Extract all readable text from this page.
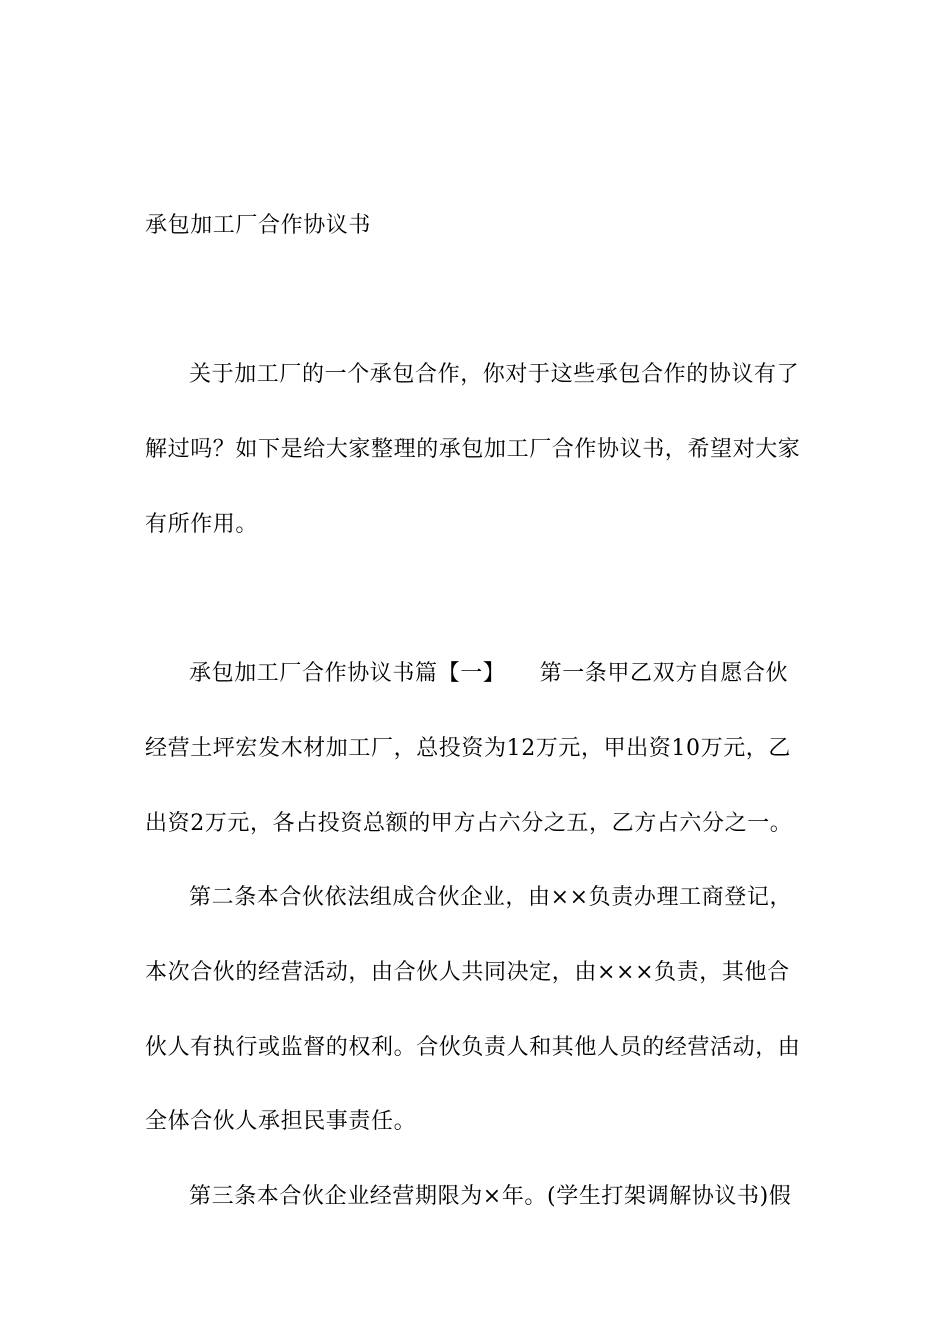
承包加工厂合作协议书
关于加工厂的一个承包合作，你对于这些承包合作的协议有了
解过吗？如下是给大家整理的承包加工厂合作协议书，希望对大家
有所作用。
承包加工厂合作协议书篇【一】　　第一条甲乙双方自愿合伙
经营土坪宏发木材加工厂，总投资为12万元，甲出资10万元，乙
出资2万元，各占投资总额的甲方占六分之五，乙方占六分之一。
第二条本合伙依法组成合伙企业，由××负责办理工商登记，
本次合伙的经营活动，由合伙人共同决定，由×××负责，其他合
伙人有执行或监督的权利。合伙负责人和其他人员的经营活动，由
全体合伙人承担民事责任。
第三条本合伙企业经营期限为×年。(学生打架调解协议书)假
